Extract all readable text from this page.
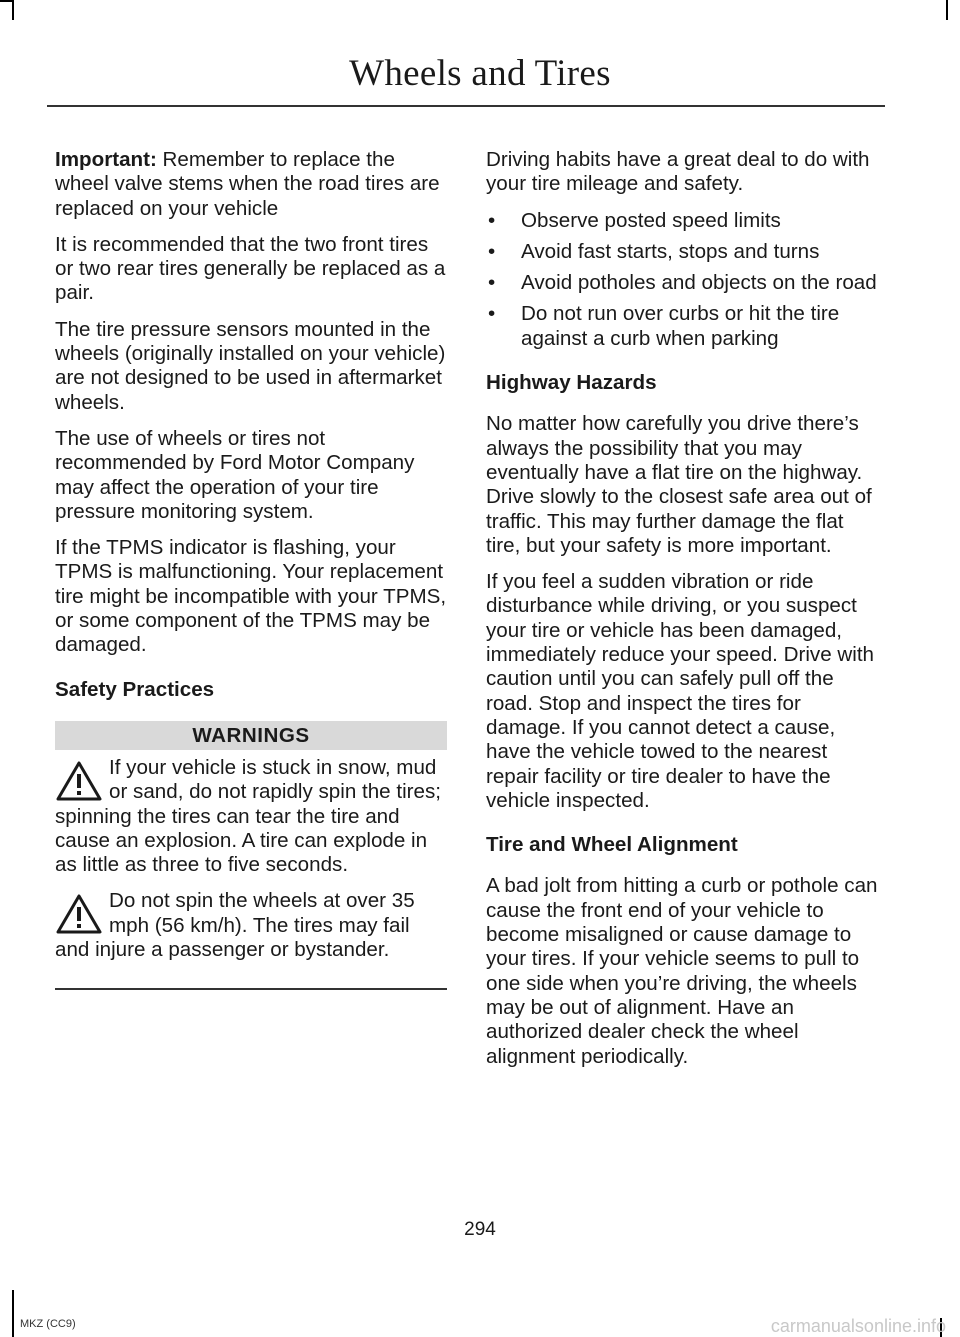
Wheels and Tires

Important: Remember to replace the wheel valve stems when the road tires are replaced on your vehicle

It is recommended that the two front tires or two rear tires generally be replaced as a pair.

The tire pressure sensors mounted in the wheels (originally installed on your vehicle) are not designed to be used in aftermarket wheels.

The use of wheels or tires not recommended by Ford Motor Company may affect the operation of your tire pressure monitoring system.

If the TPMS indicator is flashing, your TPMS is malfunctioning. Your replacement tire might be incompatible with your TPMS, or some component of the TPMS may be damaged.

Safety Practices
WARNINGS
If your vehicle is stuck in snow, mud or sand, do not rapidly spin the tires; spinning the tires can tear the tire and cause an explosion. A tire can explode in as little as three to five seconds.
Do not spin the wheels at over 35 mph (56 km/h). The tires may fail and injure a passenger or bystander.

Driving habits have a great deal to do with your tire mileage and safety.

• Observe posted speed limits
• Avoid fast starts, stops and turns
• Avoid potholes and objects on the road
• Do not run over curbs or hit the tire against a curb when parking
Highway Hazards

No matter how carefully you drive there’s always the possibility that you may eventually have a flat tire on the highway. Drive slowly to the closest safe area out of traffic. This may further damage the flat tire, but your safety is more important.

If you feel a sudden vibration or ride disturbance while driving, or you suspect your tire or vehicle has been damaged, immediately reduce your speed. Drive with caution until you can safely pull off the road. Stop and inspect the tires for damage. If you cannot detect a cause, have the vehicle towed to the nearest repair facility or tire dealer to have the vehicle inspected.

Tire and Wheel Alignment

A bad jolt from hitting a curb or pothole can cause the front end of your vehicle to become misaligned or cause damage to your tires. If your vehicle seems to pull to one side when you’re driving, the wheels may be out of alignment. Have an authorized dealer check the wheel alignment periodically.

294
MKZ (CC9)	carmanualsonline.info
